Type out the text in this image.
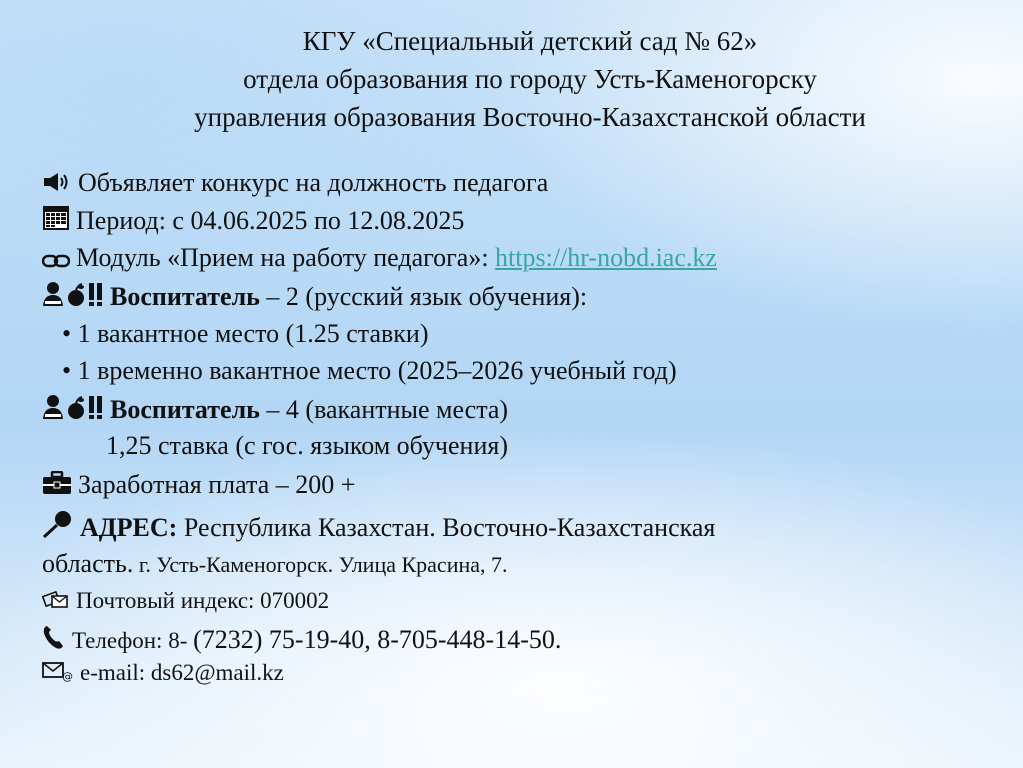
КГУ «Специальный детский сад № 62»
отдела образования по городу Усть-Каменогорску
управления образования Восточно-Казахстанской области
Объявляет конкурс на должность педагога
Период: с 04.06.2025 по 12.08.2025
Модуль «Прием на работу педагога»: https://hr-nobd.iac.kz
Воспитатель – 2 (русский язык обучения):
• 1 вакантное место (1.25 ставки)
• 1 временно вакантное место (2025–2026 учебный год)
Воспитатель – 4 (вакантные места)
1,25 ставка (с гос. языком обучения)
Заработная плата – 200 +
АДРЕС: Республика Казахстан. Восточно-Казахстанская
область. г. Усть-Каменогорск. Улица Красина, 7.
Почтовый индекс: 070002
Телефон: 8- (7232) 75-19-40, 8-705-448-14-50.
@ e-mail: ds62@mail.kz
